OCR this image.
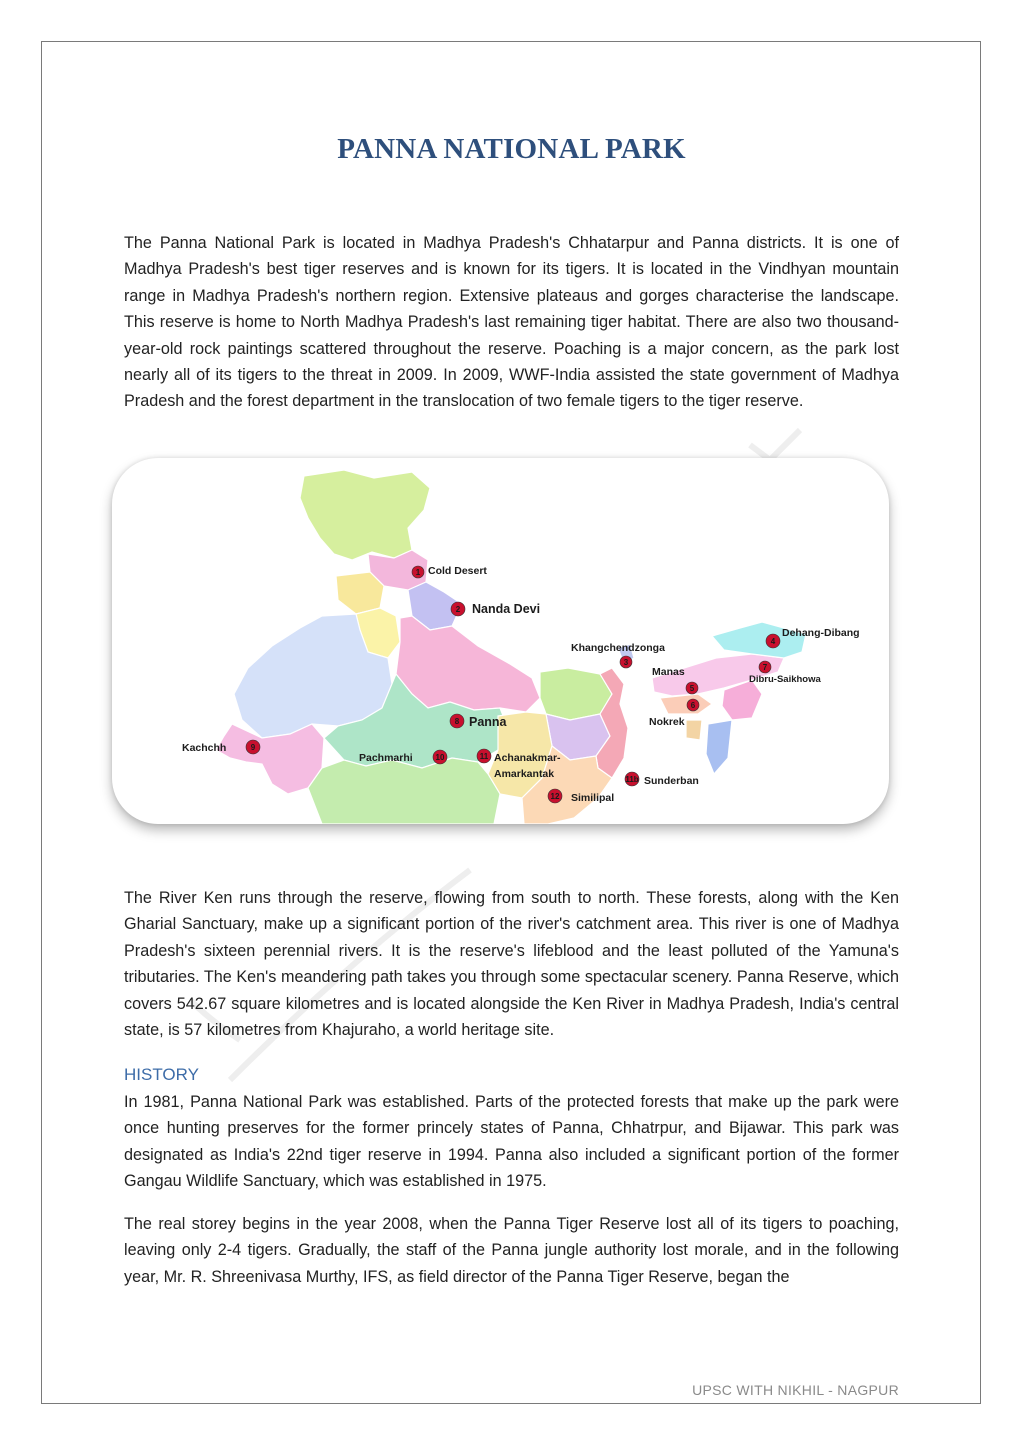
PANNA NATIONAL PARK

The Panna National Park is located in Madhya Pradesh's Chhatarpur and Panna districts. It is one of Madhya Pradesh's best tiger reserves and is known for its tigers. It is located in the Vindhyan mountain range in Madhya Pradesh's northern region. Extensive plateaus and gorges characterise the landscape. This reserve is home to North Madhya Pradesh's last remaining tiger habitat. There are also two thousand-year-old rock paintings scattered throughout the reserve. Poaching is a major concern, as the park lost nearly all of its tigers to the threat in 2009. In 2009, WWF-India assisted the state government of Madhya Pradesh and the forest department in the translocation of two female tigers to the tiger reserve.

1
2
3
4
5
6
7
8
9
10	11
11b
12
Cold Desert
Nanda Devi
Khangchendzonga
Dehang-Dibang
Manas
Nokrek
Dibru-Saikhowa
Panna
Kachchh
Pachmarhi	Achanakmar-
Amarkantak
Sunderban
Similipal

The River Ken runs through the reserve, flowing from south to north. These forests, along with the Ken Gharial Sanctuary, make up a significant portion of the river's catchment area. This river is one of Madhya Pradesh's sixteen perennial rivers. It is the reserve's lifeblood and the least polluted of the Yamuna's tributaries. The Ken's meandering path takes you through some spectacular scenery. Panna Reserve, which covers 542.67 square kilometres and is located alongside the Ken River in Madhya Pradesh, India's central state, is 57 kilometres from Khajuraho, a world heritage site.

HISTORY

In 1981, Panna National Park was established. Parts of the protected forests that make up the park were once hunting preserves for the former princely states of Panna, Chhatrpur, and Bijawar. This park was designated as India's 22nd tiger reserve in 1994. Panna also included a significant portion of the former Gangau Wildlife Sanctuary, which was established in 1975.

The real storey begins in the year 2008, when the Panna Tiger Reserve lost all of its tigers to poaching, leaving only 2-4 tigers. Gradually, the staff of the Panna jungle authority lost morale, and in the following year, Mr. R. Shreenivasa Murthy, IFS, as field director of the Panna Tiger Reserve, began the

UPSC WITH NIKHIL - NAGPUR
